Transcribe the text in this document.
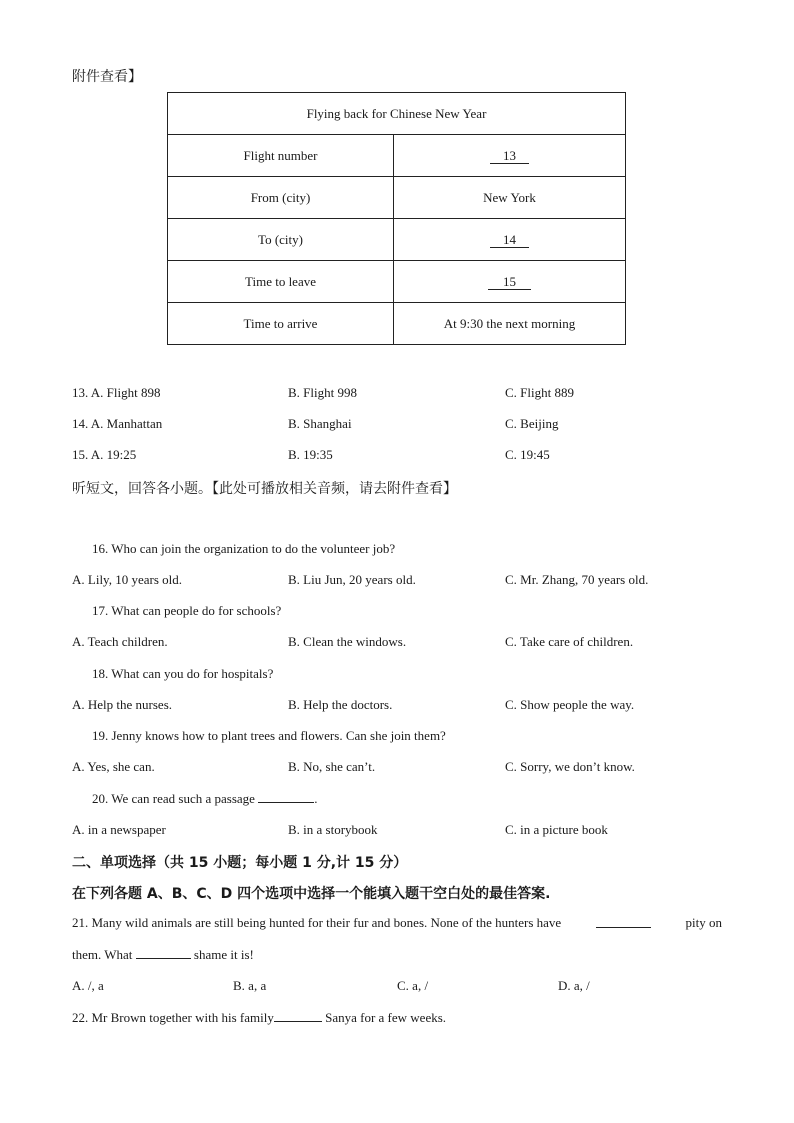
附件查看】
Flying back for Chinese New Year	
Flight number	13
From (city)	New York
To (city)	14
Time to leave	15
Time to arrive	At 9:30 the next morning
13. A. Flight 898	B. Flight 998	C. Flight 889
14. A. Manhattan	B. Shanghai	C. Beijing
15. A. 19:25	B. 19:35	C. 19:45
听短文，回答各小题。【此处可播放相关音频，请去附件查看】
16. Who can join the organization to do the volunteer job?
A. Lily, 10 years old.	B. Liu Jun, 20 years old.	C. Mr. Zhang, 70 years old.
17. What can people do for schools?
A. Teach children.	B. Clean the windows.	C. Take care of children.
18. What can you do for hospitals?
A. Help the nurses.	B. Help the doctors.	C. Show people the way.
19. Jenny knows how to plant trees and flowers. Can she join them?
A. Yes, she can.	B. No, she can’t.	C. Sorry, we don’t know.
20. We can read such a passage	.
A. in a newspaper	B. in a storybook	C. in a picture book
二、单项选择（共 15 小题；每小题 1 分,计 15 分）
在下列各题 A、B、C、D 四个选项中选择一个能填入题干空白处的最佳答案.
21. Many wild animals are still being hunted for their fur and bones. None of the hunters have	pity on
them. What	shame it is!
A. /, a	B. a, a	C. a, /	D. a, /
22. Mr Brown together with his family	Sanya for a few weeks.
